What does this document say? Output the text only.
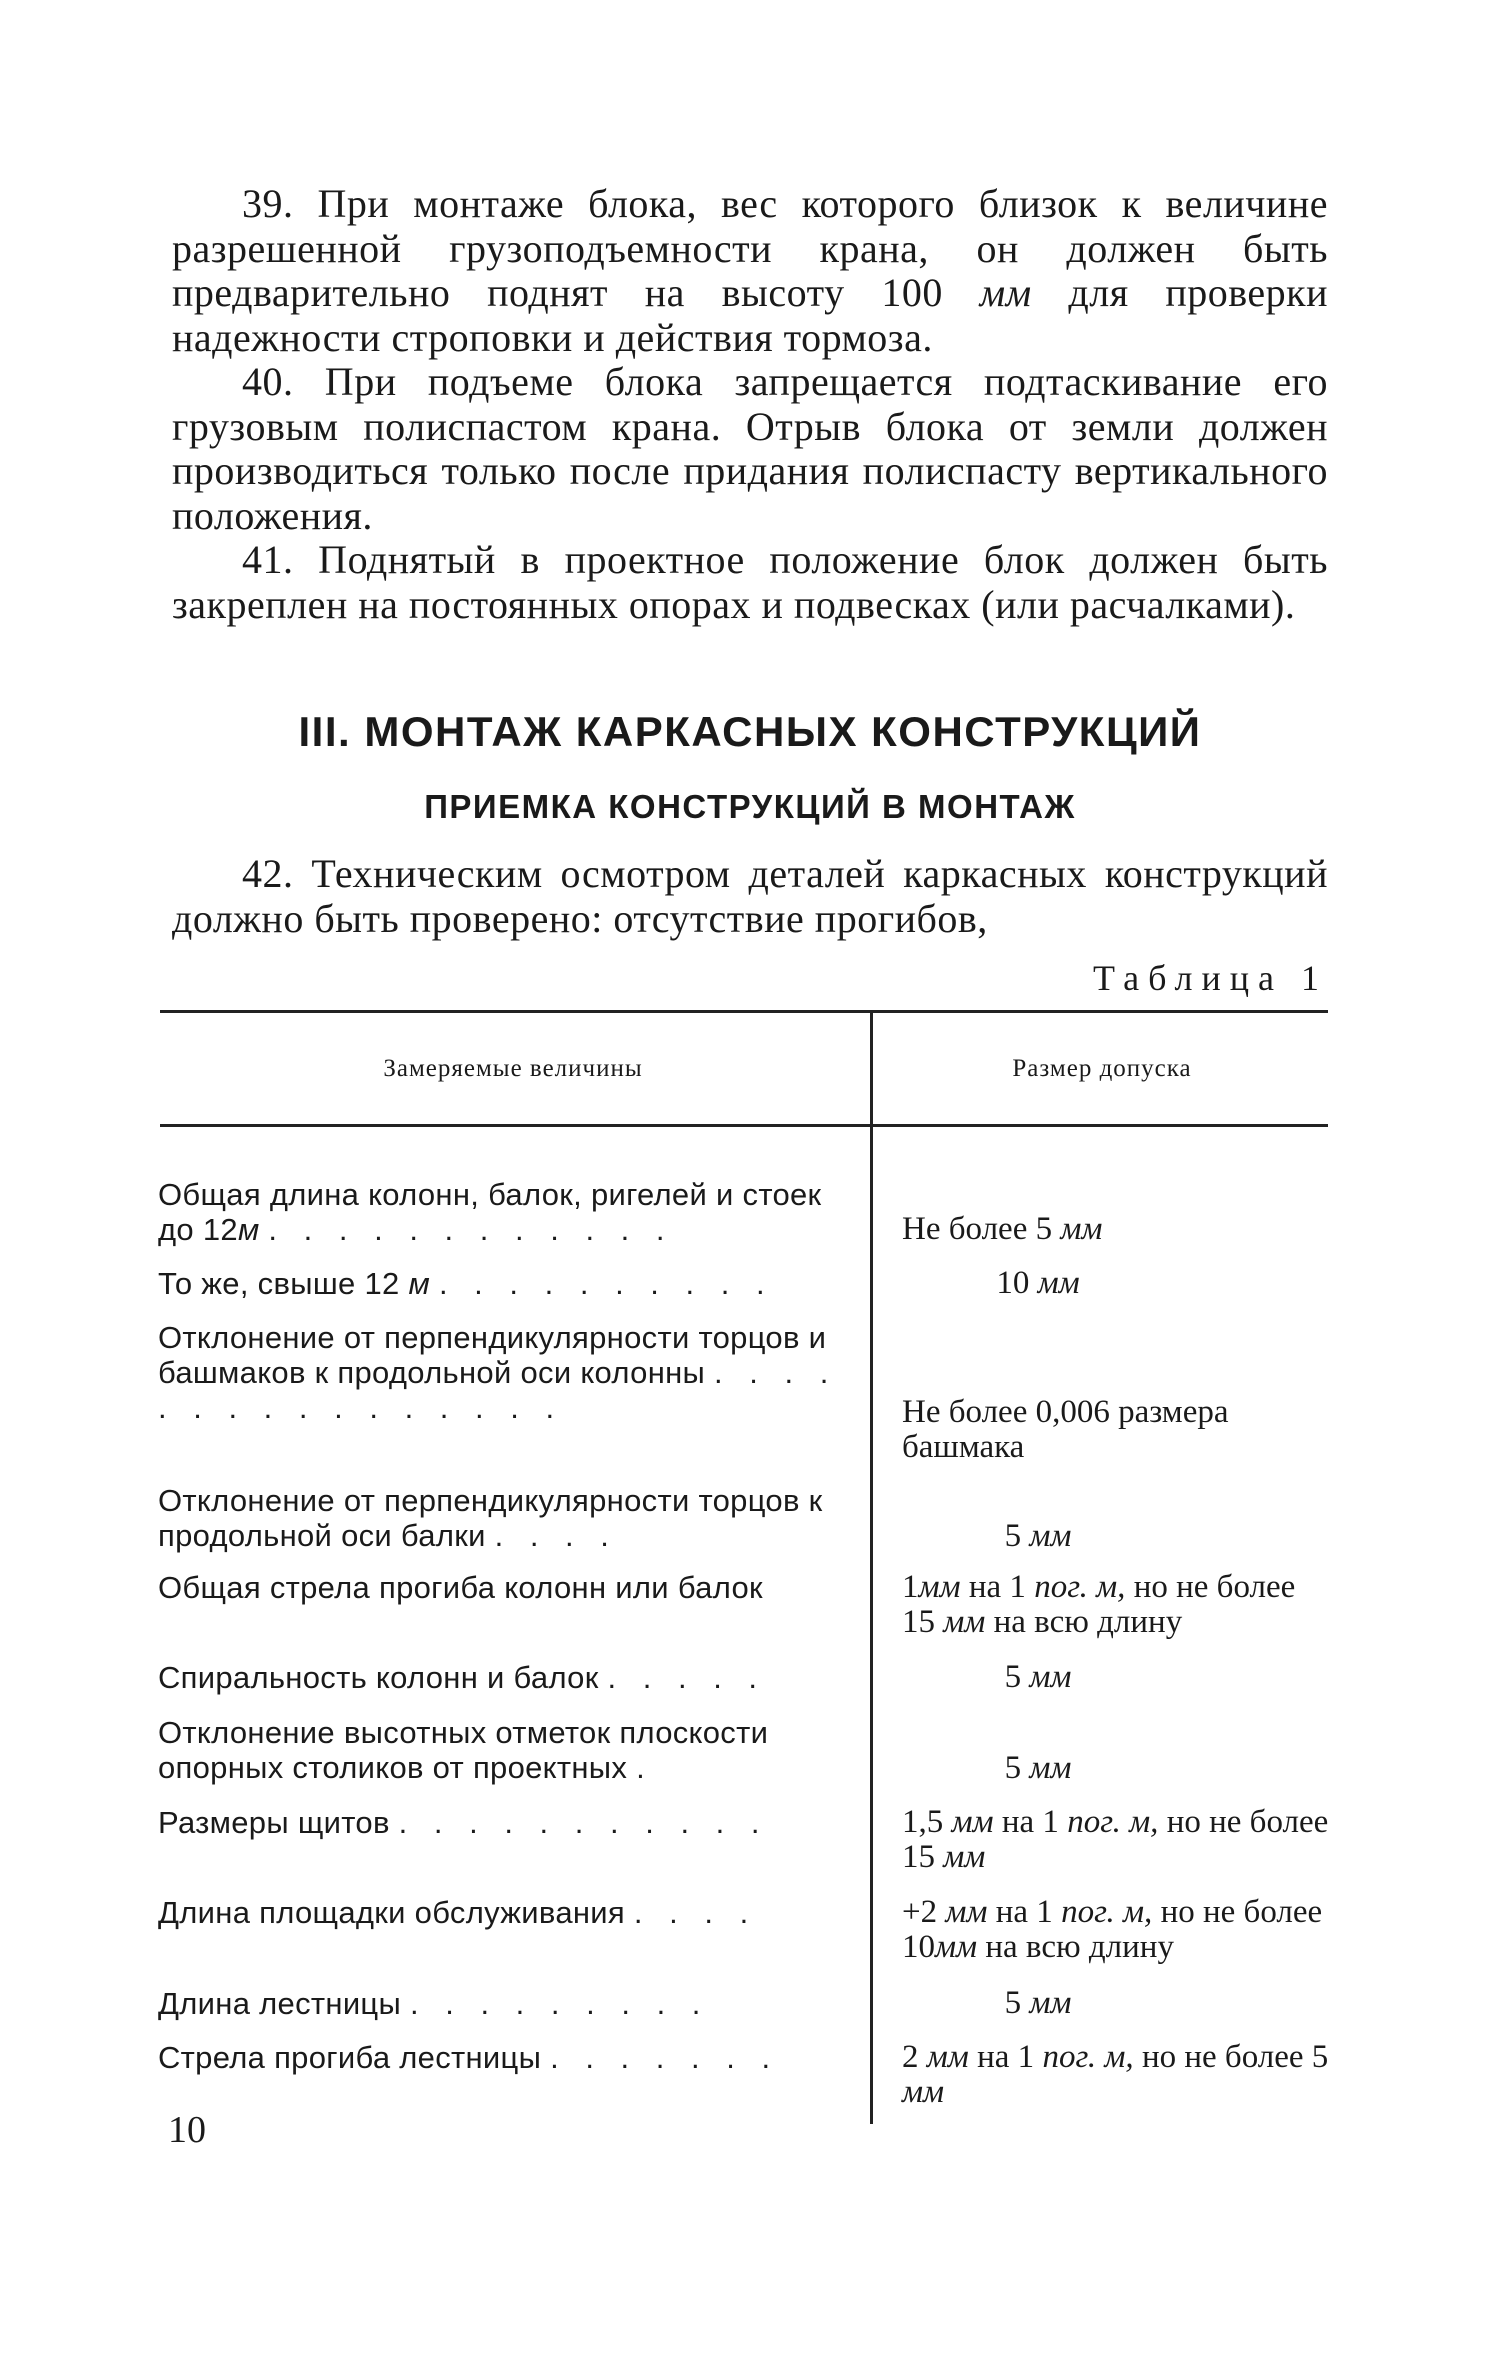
39. При монтаже блока, вес которого близок к величине разрешенной грузоподъемности крана, он должен быть предварительно поднят на высоту 100 мм для проверки надежности строповки и действия тормоза.
40. При подъеме блока запрещается подтаскивание его грузовым полиспастом крана. Отрыв блока от земли должен производиться только после придания полиспасту вертикального положения.
41. Поднятый в проектное положение блок должен быть закреплен на постоянных опорах и подвесках (или расчалками).
III. МОНТАЖ КАРКАСНЫХ КОНСТРУКЦИЙ
ПРИЕМКА КОНСТРУКЦИЙ В МОНТАЖ
42. Техническим осмотром деталей каркасных конструкций должно быть проверено: отсутствие прогибов,
Таблица 1
Замеряемые величины	Размер допуска
Общая длина колонн, балок, ригелей и стоек до 12м . . . . . . . . . . . .	Не более 5 мм
То же, свыше 12 м . . . . . . . . . .	10 мм
Отклонение от перпендикулярности торцов и башмаков к продольной оси колонны . . . . . . . . . . . . . . . .	Не более 0,006 размера башмака
Отклонение от перпендикулярности торцов к продольной оси балки . . . .	5 мм
Общая стрела прогиба колонн или балок	1мм на 1 пог. м, но не более 15 мм на всю длину
Спиральность колонн и балок . . . . .	5 мм
Отклонение высотных отметок плоскости опорных столиков от проектных .	5 мм
Размеры щитов . . . . . . . . . . .	1,5 мм на 1 пог. м, но не более 15 мм
Длина площадки обслуживания . . . .	+2 мм на 1 пог. м, но не более 10мм на всю длину
Длина лестницы . . . . . . . . .	5 мм
Стрела прогиба лестницы . . . . . . .	2 мм на 1 пог. м, но не более 5 мм
10
